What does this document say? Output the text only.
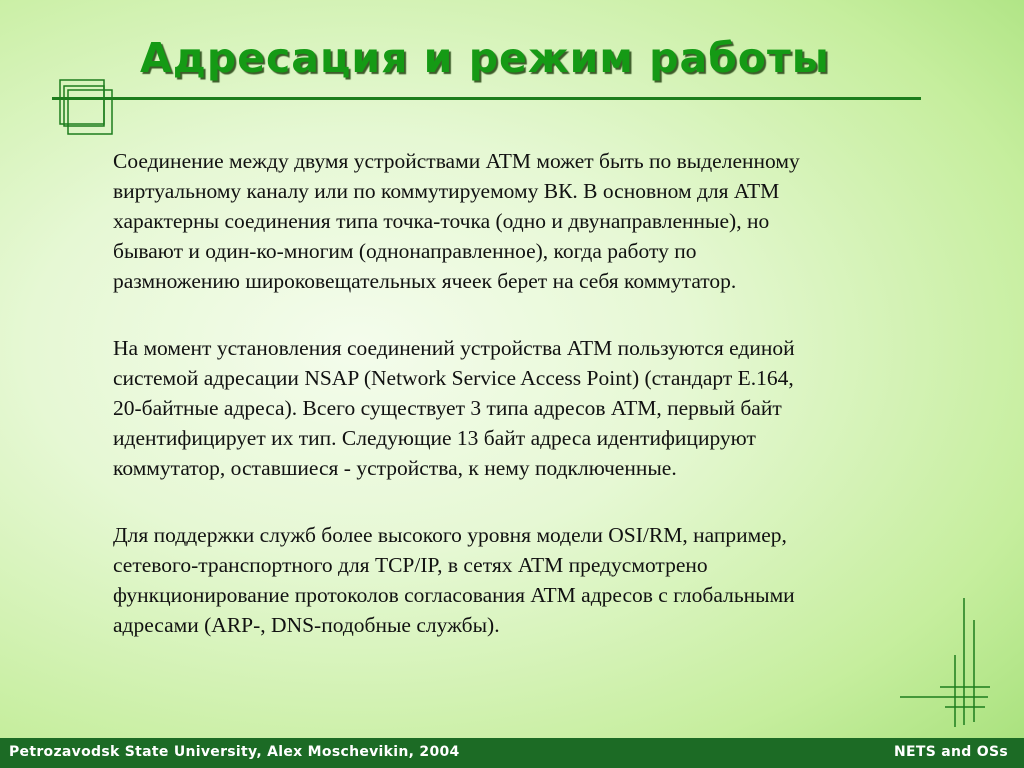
Адресация и режим работы

Соединение между двумя устройствами ATM может быть по выделенному
виртуальному каналу или по коммутируемому ВК. В основном для ATM
характерны соединения типа точка-точка (одно и двунаправленные), но
бывают и один-ко-многим (однонаправленное), когда работу по
размножению широковещательных ячеек берет на себя коммутатор.

На момент установления соединений устройства ATM пользуются единой
системой адресации NSAP (Network Service Access Point) (стандарт E.164,
20-байтные адреса). Всего существует 3 типа адресов ATM, первый байт
идентифицирует их тип. Следующие 13 байт адреса идентифицируют
коммутатор, оставшиеся - устройства, к нему подключенные.

Для поддержки служб более высокого уровня модели OSI/RM, например,
сетевого-транспортного для TCP/IP, в сетях ATM предусмотрено
функционирование протоколов согласования ATM адресов с глобальными
адресами (ARP-, DNS-подобные службы).

Petrozavodsk State University, Alex Moschevikin, 2004	NETS and OSs
